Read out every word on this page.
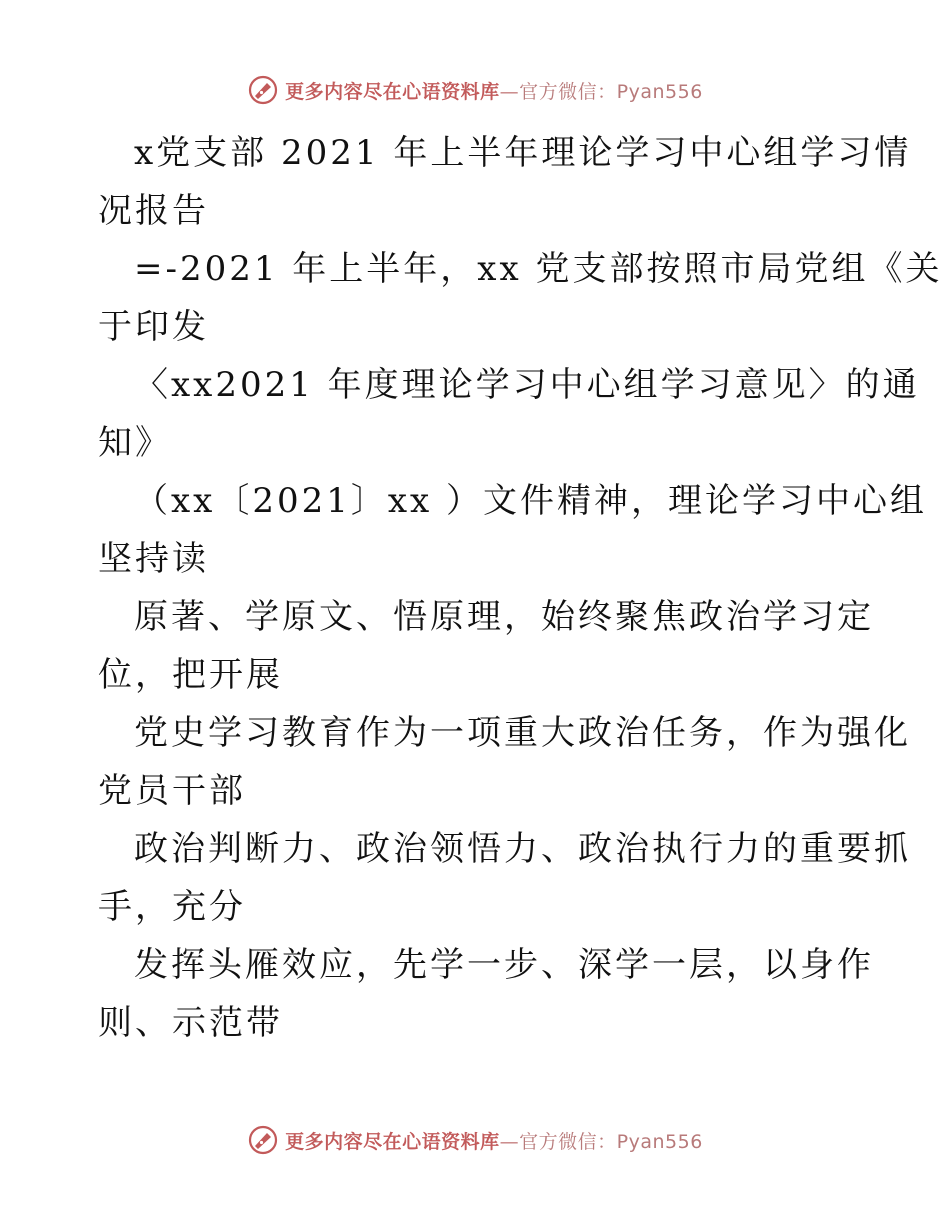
更多内容尽在心语资料库—官方微信：Pyan556
x党支部 2021 年上半年理论学习中心组学习情
况报告
=-2021 年上半年，xx 党支部按照市局党组《关
于印发
〈xx2021 年度理论学习中心组学习意见〉的通
知》
（xx〔2021〕xx ）文件精神，理论学习中心组
坚持读
原著、学原文、悟原理，始终聚焦政治学习定
位，把开展
党史学习教育作为一项重大政治任务，作为强化
党员干部
政治判断力、政治领悟力、政治执行力的重要抓
手，充分
发挥头雁效应，先学一步、深学一层，以身作
则、示范带
更多内容尽在心语资料库—官方微信：Pyan556
